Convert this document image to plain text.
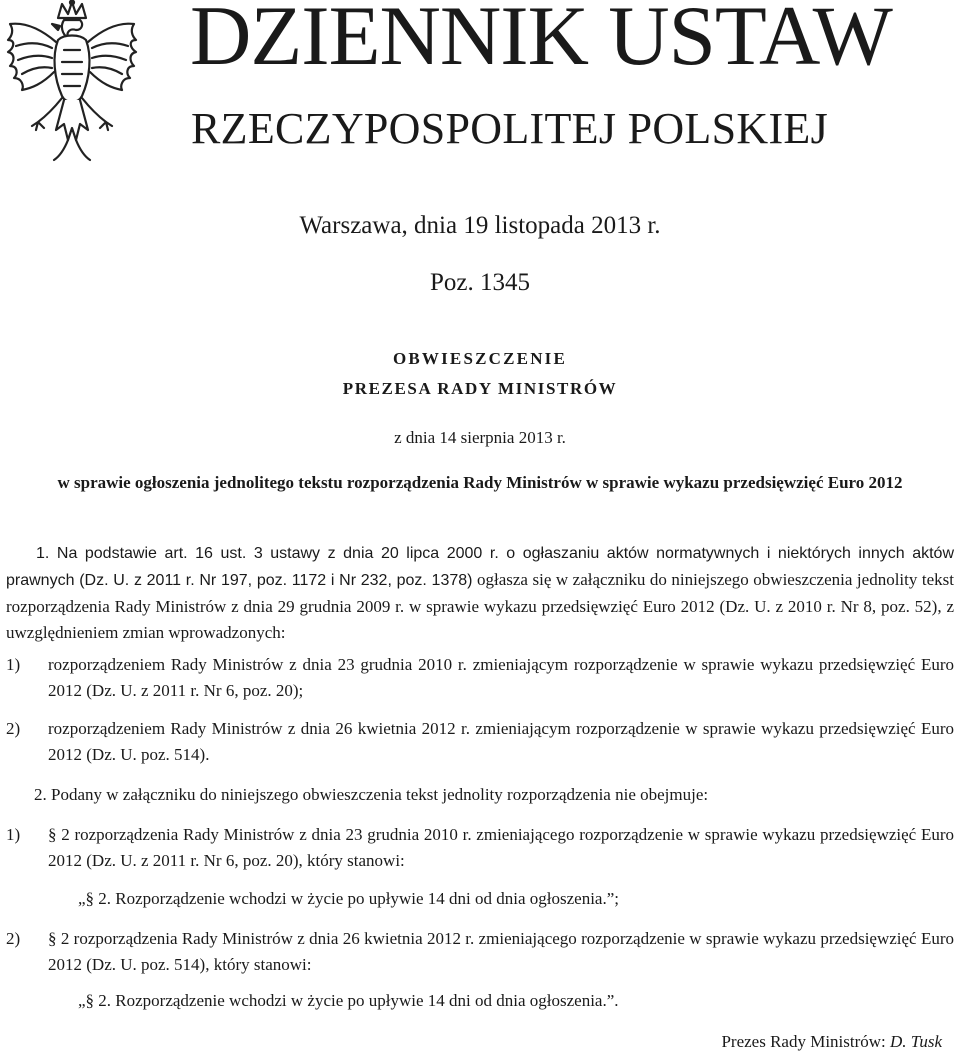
DZIENNIK USTAW
RZECZYPOSPOLITEJ POLSKIEJ
Warszawa, dnia 19 listopada 2013 r.
Poz. 1345
OBWIESZCZENIE
PREZESA RADY MINISTRÓW
z dnia 14 sierpnia 2013 r.
w sprawie ogłoszenia jednolitego tekstu rozporządzenia Rady Ministrów w sprawie wykazu przedsięwzięć Euro 2012
1. Na podstawie art. 16 ust. 3 ustawy z dnia 20 lipca 2000 r. o ogłaszaniu aktów normatywnych i niektórych innych aktów prawnych (Dz. U. z 2011 r. Nr 197, poz. 1172 i Nr 232, poz. 1378) ogłasza się w załączniku do niniejszego obwieszczenia jednolity tekst rozporządzenia Rady Ministrów z dnia 29 grudnia 2009 r. w sprawie wykazu przedsięwzięć Euro 2012 (Dz. U. z 2010 r. Nr 8, poz. 52), z uwzględnieniem zmian wprowadzonych:
1) rozporządzeniem Rady Ministrów z dnia 23 grudnia 2010 r. zmieniającym rozporządzenie w sprawie wykazu przedsięwzięć Euro 2012 (Dz. U. z 2011 r. Nr 6, poz. 20);
2) rozporządzeniem Rady Ministrów z dnia 26 kwietnia 2012 r. zmieniającym rozporządzenie w sprawie wykazu przedsięwzięć Euro 2012 (Dz. U. poz. 514).
2. Podany w załączniku do niniejszego obwieszczenia tekst jednolity rozporządzenia nie obejmuje:
1) § 2 rozporządzenia Rady Ministrów z dnia 23 grudnia 2010 r. zmieniającego rozporządzenie w sprawie wykazu przedsięwzięć Euro 2012 (Dz. U. z 2011 r. Nr 6, poz. 20), który stanowi:
„§ 2. Rozporządzenie wchodzi w życie po upływie 14 dni od dnia ogłoszenia.”;
2) § 2 rozporządzenia Rady Ministrów z dnia 26 kwietnia 2012 r. zmieniającego rozporządzenie w sprawie wykazu przedsięwzięć Euro 2012 (Dz. U. poz. 514), który stanowi:
„§ 2. Rozporządzenie wchodzi w życie po upływie 14 dni od dnia ogłoszenia.”.
Prezes Rady Ministrów: D. Tusk
